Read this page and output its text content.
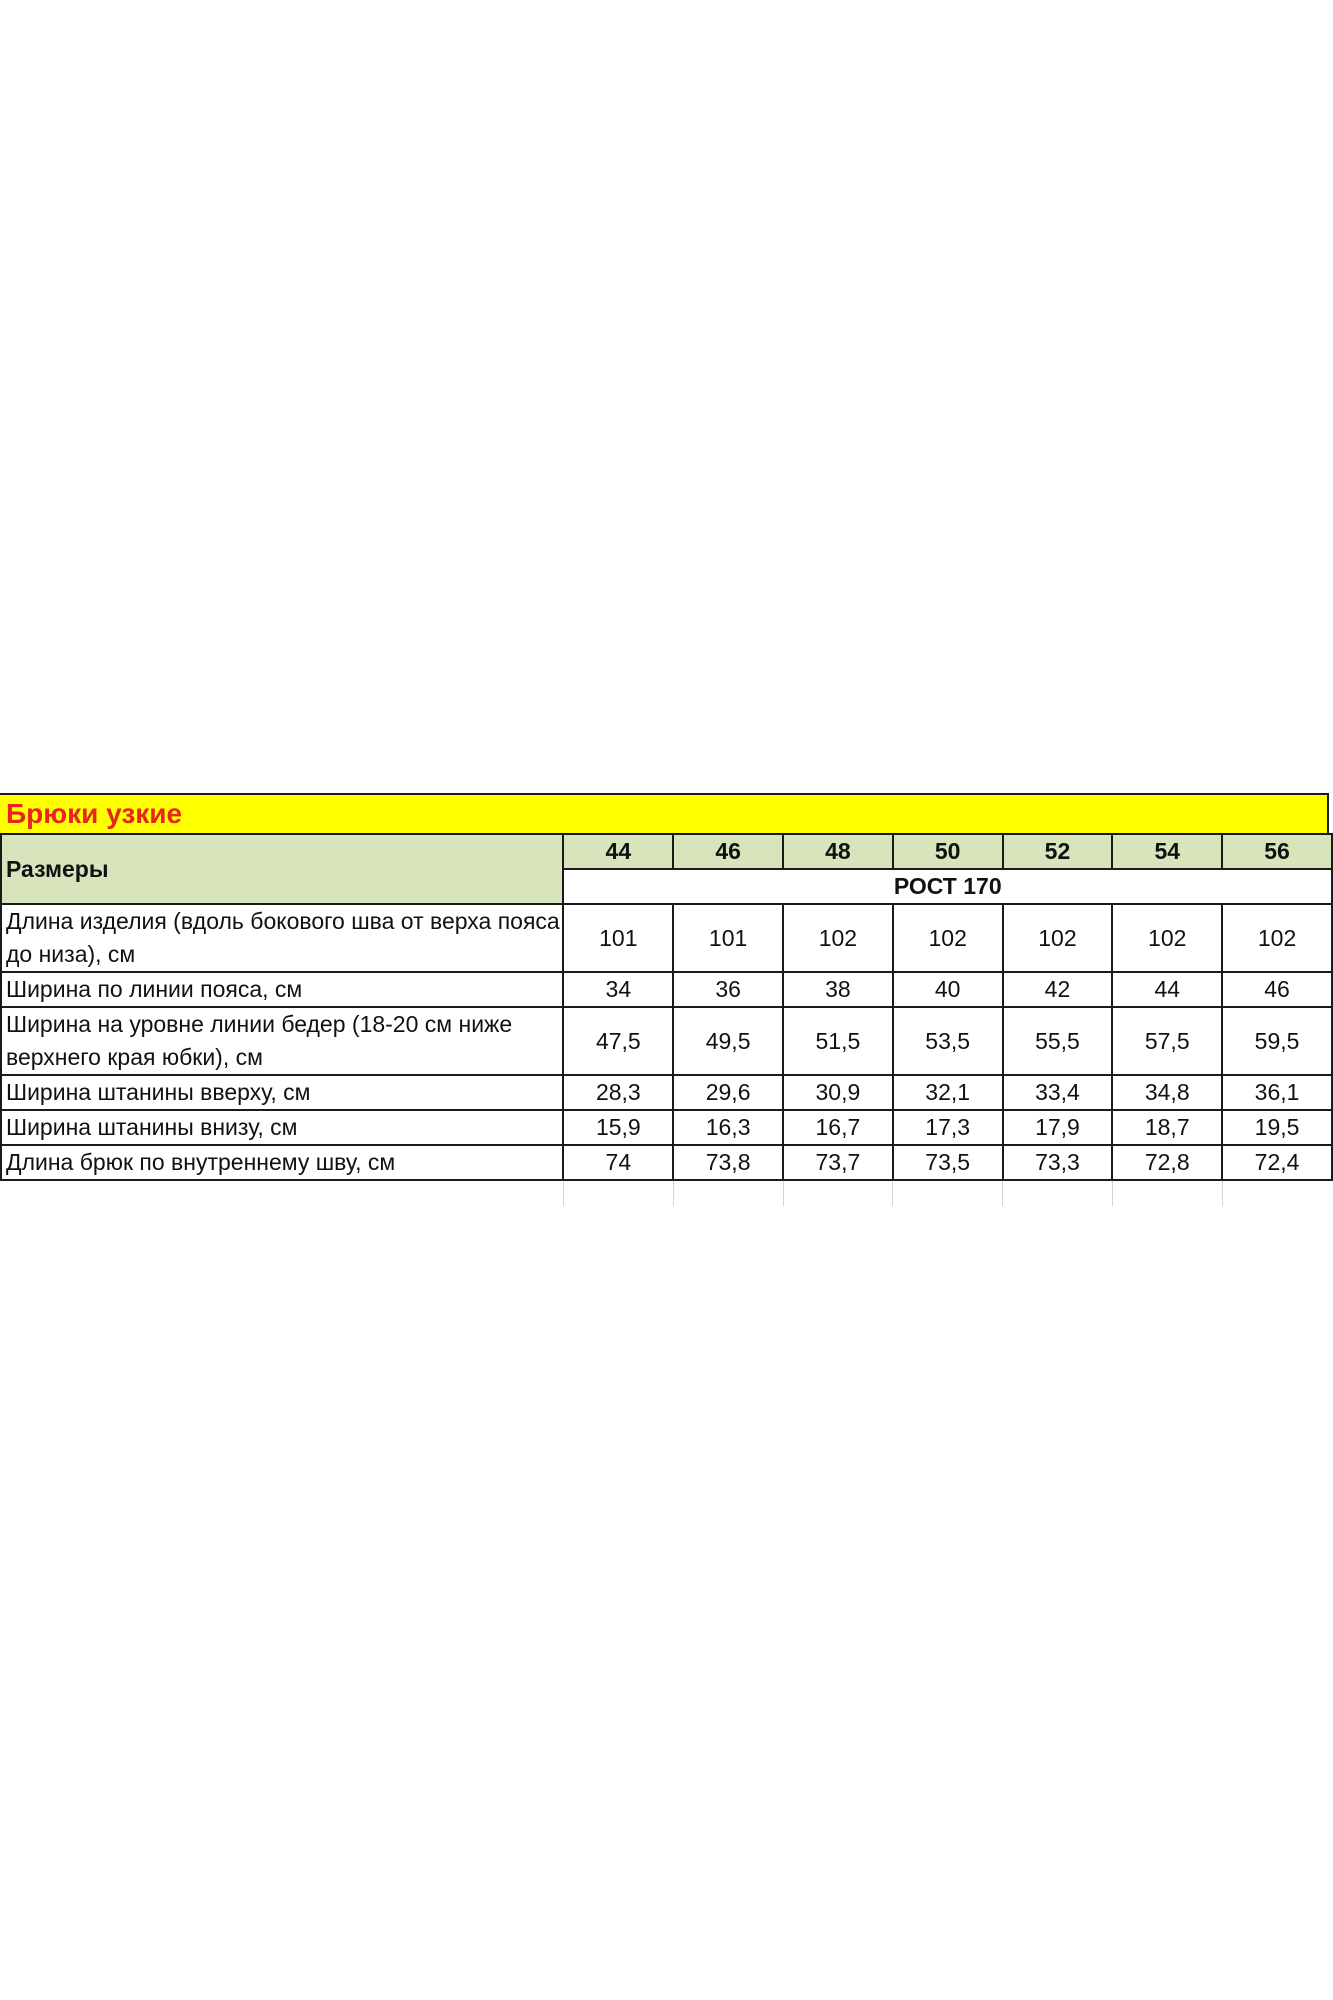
Брюки узкие
Размеры	44	46	48	50	52	54	56
	РОСТ 170						
Длина изделия (вдоль бокового шва от верха пояса до низа), см	101	101	102	102	102	102	102
Ширина по линии пояса, см	34	36	38	40	42	44	46
Ширина на уровне линии бедер (18-20 см ниже верхнего края юбки), см	47,5	49,5	51,5	53,5	55,5	57,5	59,5
Ширина штанины вверху, см	28,3	29,6	30,9	32,1	33,4	34,8	36,1
Ширина штанины внизу, см	15,9	16,3	16,7	17,3	17,9	18,7	19,5
Длина брюк по внутреннему шву, см	74	73,8	73,7	73,5	73,3	72,8	72,4
